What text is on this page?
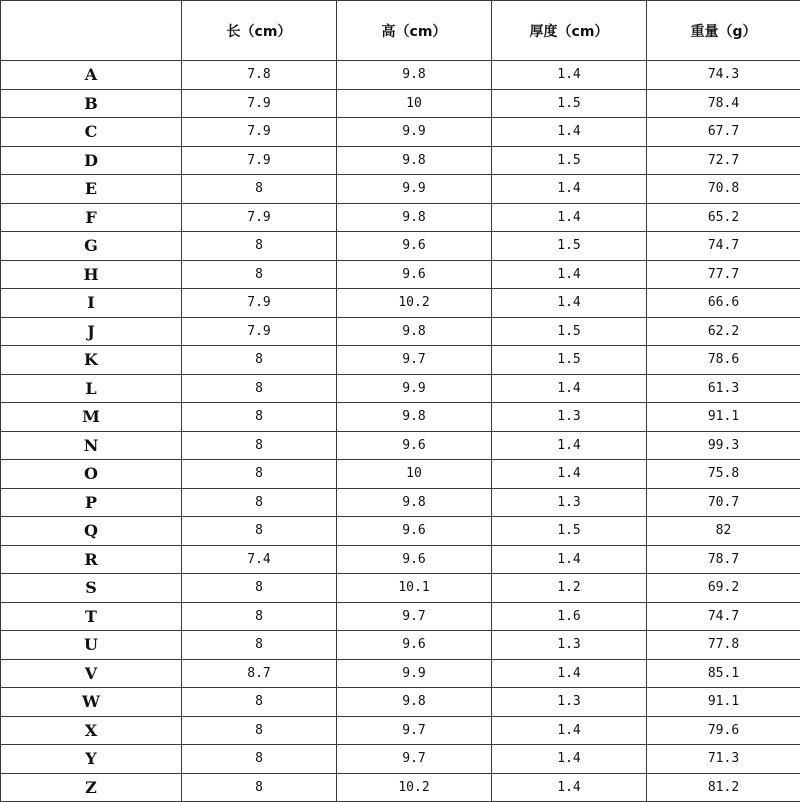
	长（cm）	高（cm）	厚度（cm）	重量（g）
A	7.8	9.8	1.4	74.3
B	7.9	10	1.5	78.4
C	7.9	9.9	1.4	67.7
D	7.9	9.8	1.5	72.7
E	8	9.9	1.4	70.8
F	7.9	9.8	1.4	65.2
G	8	9.6	1.5	74.7
H	8	9.6	1.4	77.7
I	7.9	10.2	1.4	66.6
J	7.9	9.8	1.5	62.2
K	8	9.7	1.5	78.6
L	8	9.9	1.4	61.3
M	8	9.8	1.3	91.1
N	8	9.6	1.4	99.3
O	8	10	1.4	75.8
P	8	9.8	1.3	70.7
Q	8	9.6	1.5	82
R	7.4	9.6	1.4	78.7
S	8	10.1	1.2	69.2
T	8	9.7	1.6	74.7
U	8	9.6	1.3	77.8
V	8.7	9.9	1.4	85.1
W	8	9.8	1.3	91.1
X	8	9.7	1.4	79.6
Y	8	9.7	1.4	71.3
Z	8	10.2	1.4	81.2
